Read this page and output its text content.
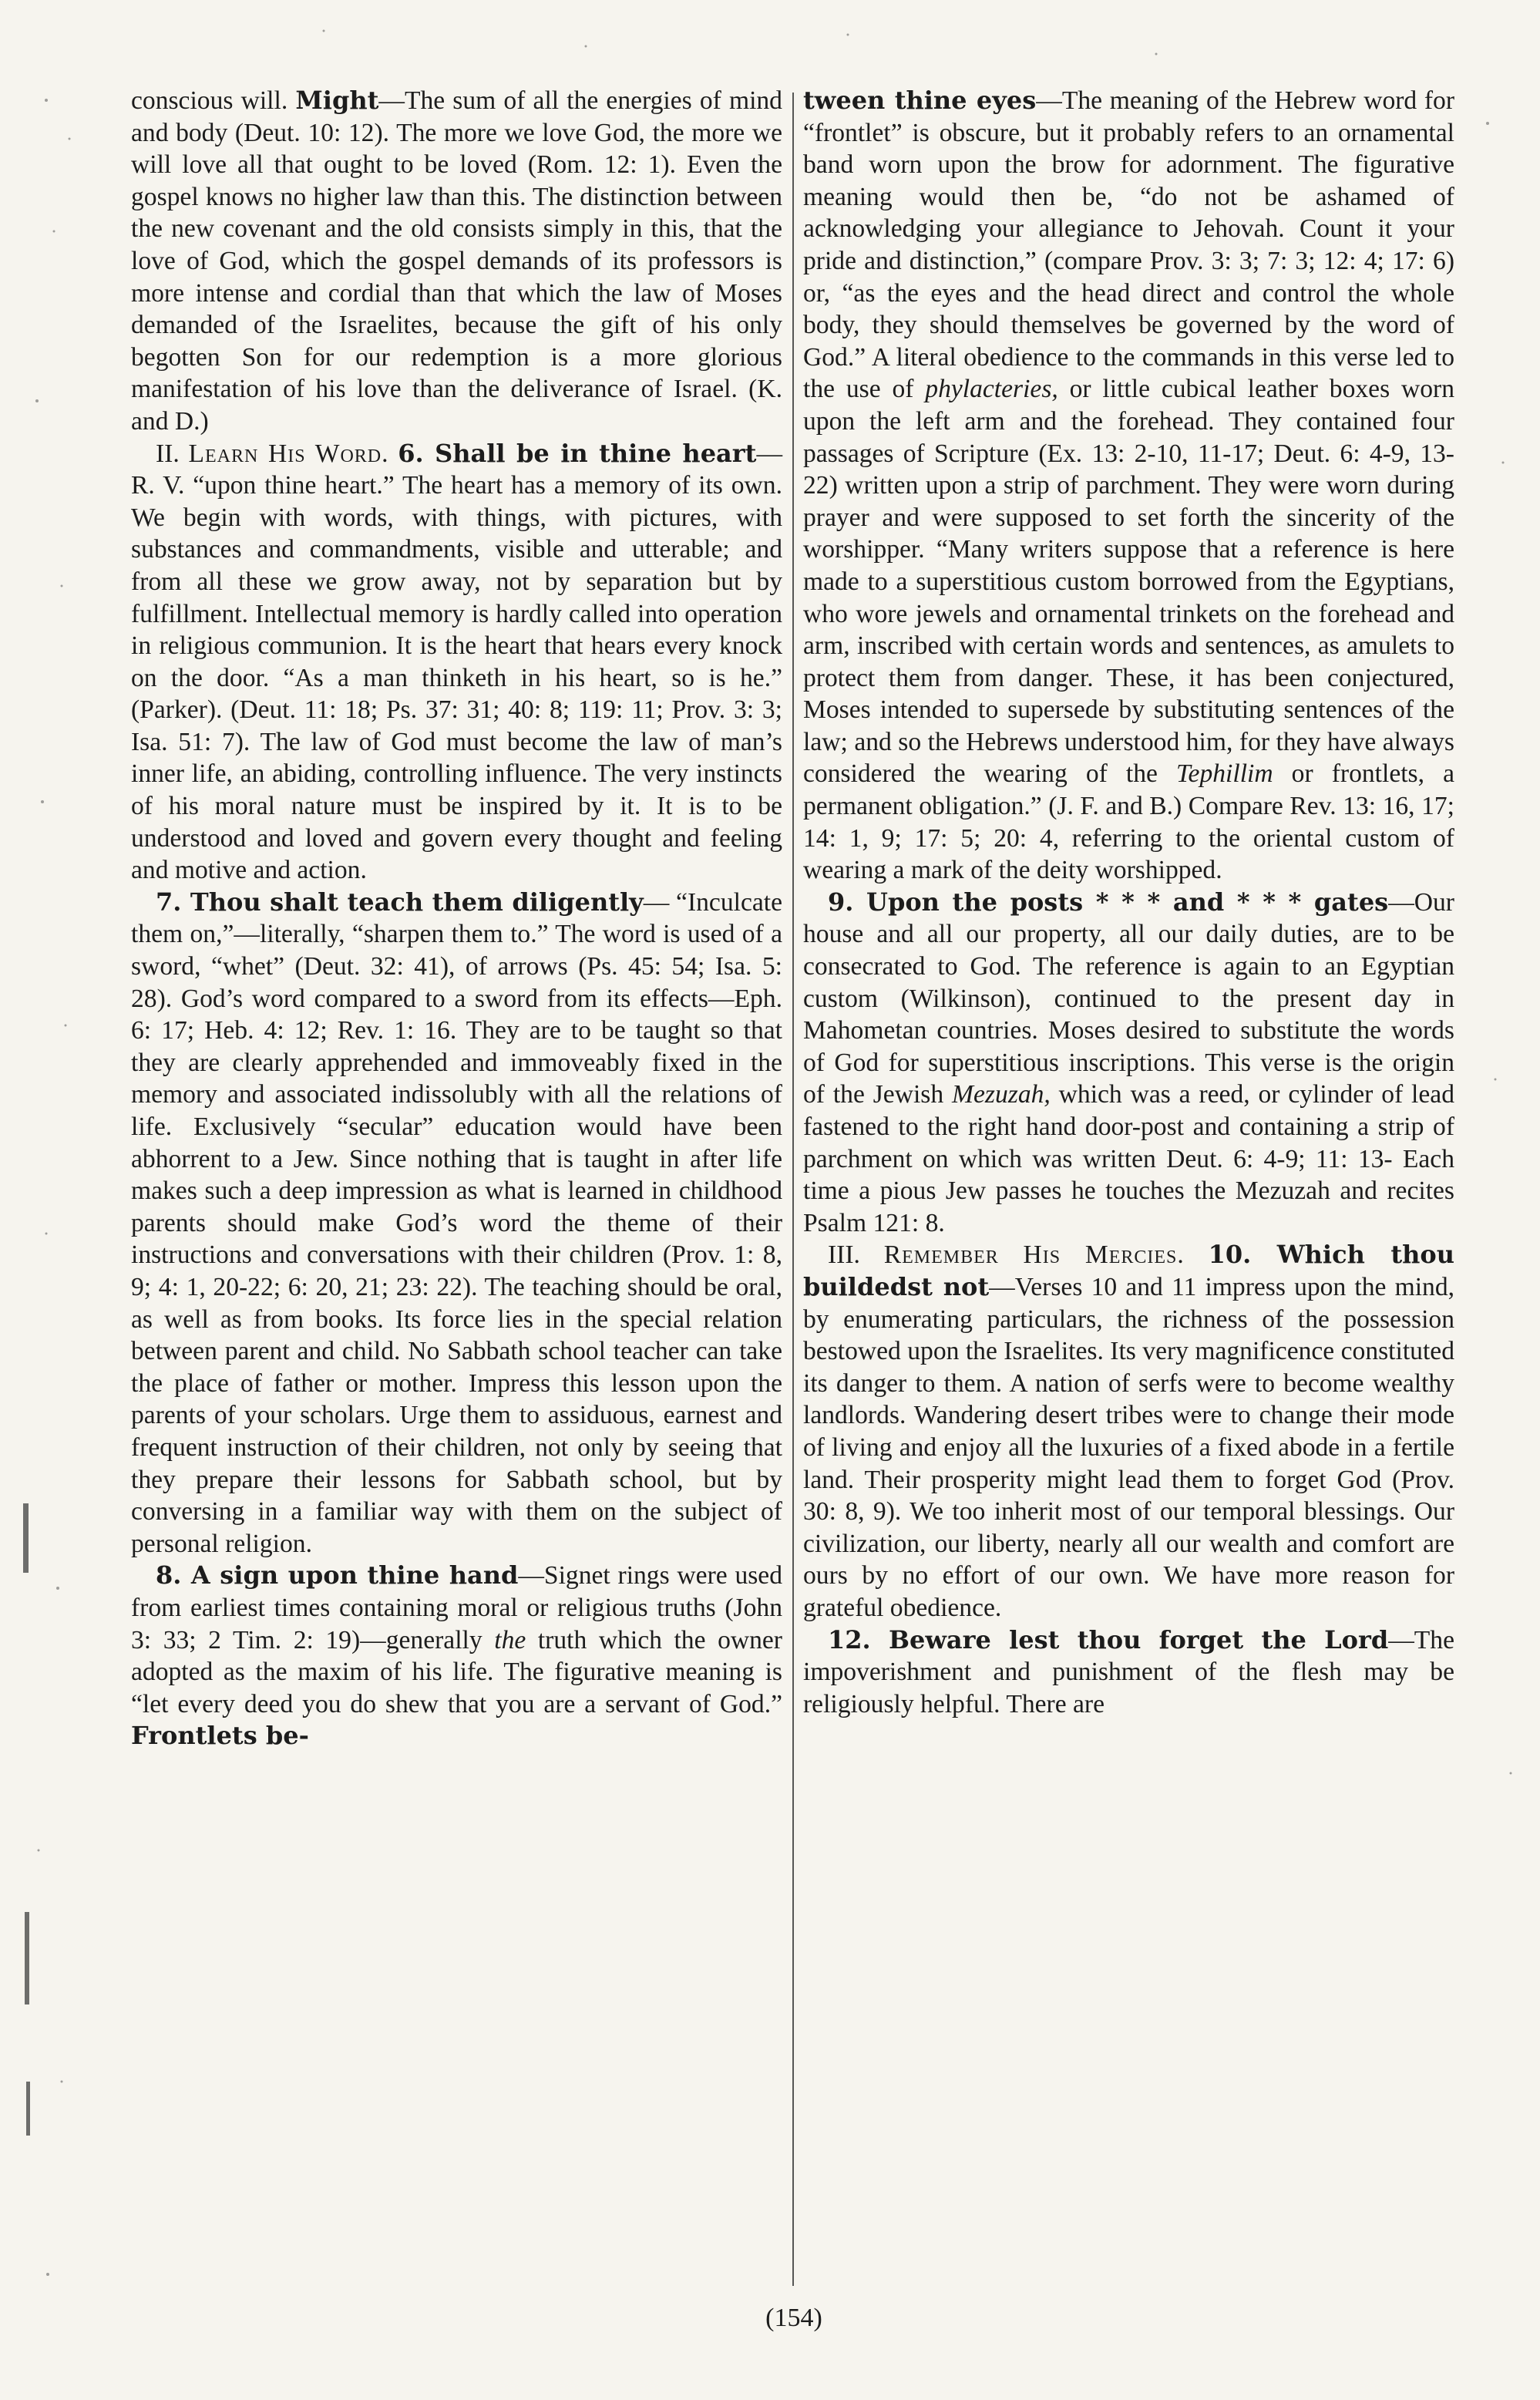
conscious will. Might—The sum of all the energies of mind and body (Deut. 10: 12). The more we love God, the more we will love all that ought to be loved (Rom. 12: 1). Even the gospel knows no higher law than this. The distinction between the new covenant and the old consists simply in this, that the love of God, which the gospel demands of its professors is more intense and cordial than that which the law of Moses demanded of the Israelites, because the gift of his only begotten Son for our redemption is a more glorious manifestation of his love than the deliverance of Israel. (K. and D.)

II. Learn His Word. 6. Shall be in thine heart—R. V. “upon thine heart.” The heart has a memory of its own. We begin with words, with things, with pictures, with substances and commandments, visible and utterable; and from all these we grow away, not by separation but by fulfillment. Intellectual memory is hardly called into operation in religious communion. It is the heart that hears every knock on the door. “As a man thinketh in his heart, so is he.” (Parker). (Deut. 11: 18; Ps. 37: 31; 40: 8; 119: 11; Prov. 3: 3; Isa. 51: 7). The law of God must become the law of man’s inner life, an abiding, controlling influence. The very instincts of his moral nature must be inspired by it. It is to be understood and loved and govern every thought and feeling and motive and action.

7. Thou shalt teach them diligently— “Inculcate them on,”—literally, “sharpen them to.” The word is used of a sword, “whet” (Deut. 32: 41), of arrows (Ps. 45: 54; Isa. 5: 28). God’s word compared to a sword from its effects—Eph. 6: 17; Heb. 4: 12; Rev. 1: 16. They are to be taught so that they are clearly apprehended and immoveably fixed in the memory and associated indissolubly with all the relations of life. Exclusively “secular” education would have been abhorrent to a Jew. Since nothing that is taught in after life makes such a deep impression as what is learned in childhood parents should make God’s word the theme of their instructions and conversations with their children (Prov. 1: 8, 9; 4: 1, 20-22; 6: 20, 21; 23: 22). The teaching should be oral, as well as from books. Its force lies in the special relation between parent and child. No Sabbath school teacher can take the place of father or mother. Impress this lesson upon the parents of your scholars. Urge them to assiduous, earnest and frequent instruction of their children, not only by seeing that they prepare their lessons for Sabbath school, but by conversing in a familiar way with them on the subject of personal religion.

8. A sign upon thine hand—Signet rings were used from earliest times containing moral or religious truths (John 3: 33; 2 Tim. 2: 19)—generally the truth which the owner adopted as the maxim of his life. The figurative meaning is “let every deed you do shew that you are a servant of God.” Frontlets be-

tween thine eyes—The meaning of the Hebrew word for “frontlet” is obscure, but it probably refers to an ornamental band worn upon the brow for adornment. The figurative meaning would then be, “do not be ashamed of acknowledging your allegiance to Jehovah. Count it your pride and distinction,” (compare Prov. 3: 3; 7: 3; 12: 4; 17: 6) or, “as the eyes and the head direct and control the whole body, they should themselves be governed by the word of God.” A literal obedience to the commands in this verse led to the use of phylacteries, or little cubical leather boxes worn upon the left arm and the forehead. They contained four passages of Scripture (Ex. 13: 2-10, 11-17; Deut. 6: 4-9, 13-22) written upon a strip of parchment. They were worn during prayer and were supposed to set forth the sincerity of the worshipper. “Many writers suppose that a reference is here made to a superstitious custom borrowed from the Egyptians, who wore jewels and ornamental trinkets on the forehead and arm, inscribed with certain words and sentences, as amulets to protect them from danger. These, it has been conjectured, Moses intended to supersede by substituting sentences of the law; and so the Hebrews understood him, for they have always considered the wearing of the Tephillim or frontlets, a permanent obligation.” (J. F. and B.) Compare Rev. 13: 16, 17; 14: 1, 9; 17: 5; 20: 4, referring to the oriental custom of wearing a mark of the deity worshipped.

9. Upon the posts * * * and * * * gates—Our house and all our property, all our daily duties, are to be consecrated to God. The reference is again to an Egyptian custom (Wilkinson), continued to the present day in Mahometan countries. Moses desired to substitute the words of God for superstitious inscriptions. This verse is the origin of the Jewish Mezuzah, which was a reed, or cylinder of lead fastened to the right hand door-post and containing a strip of parchment on which was written Deut. 6: 4-9; 11: 13- Each time a pious Jew passes he touches the Mezuzah and recites Psalm 121: 8.

III. Remember His Mercies. 10. Which thou buildedst not—Verses 10 and 11 impress upon the mind, by enumerating particulars, the richness of the possession bestowed upon the Israelites. Its very magnificence constituted its danger to them. A nation of serfs were to become wealthy landlords. Wandering desert tribes were to change their mode of living and enjoy all the luxuries of a fixed abode in a fertile land. Their prosperity might lead them to forget God (Prov. 30: 8, 9). We too inherit most of our temporal blessings. Our civilization, our liberty, nearly all our wealth and comfort are ours by no effort of our own. We have more reason for grateful obedience.

12. Beware lest thou forget the Lord—The impoverishment and punishment of the flesh may be religiously helpful. There are

(154)
